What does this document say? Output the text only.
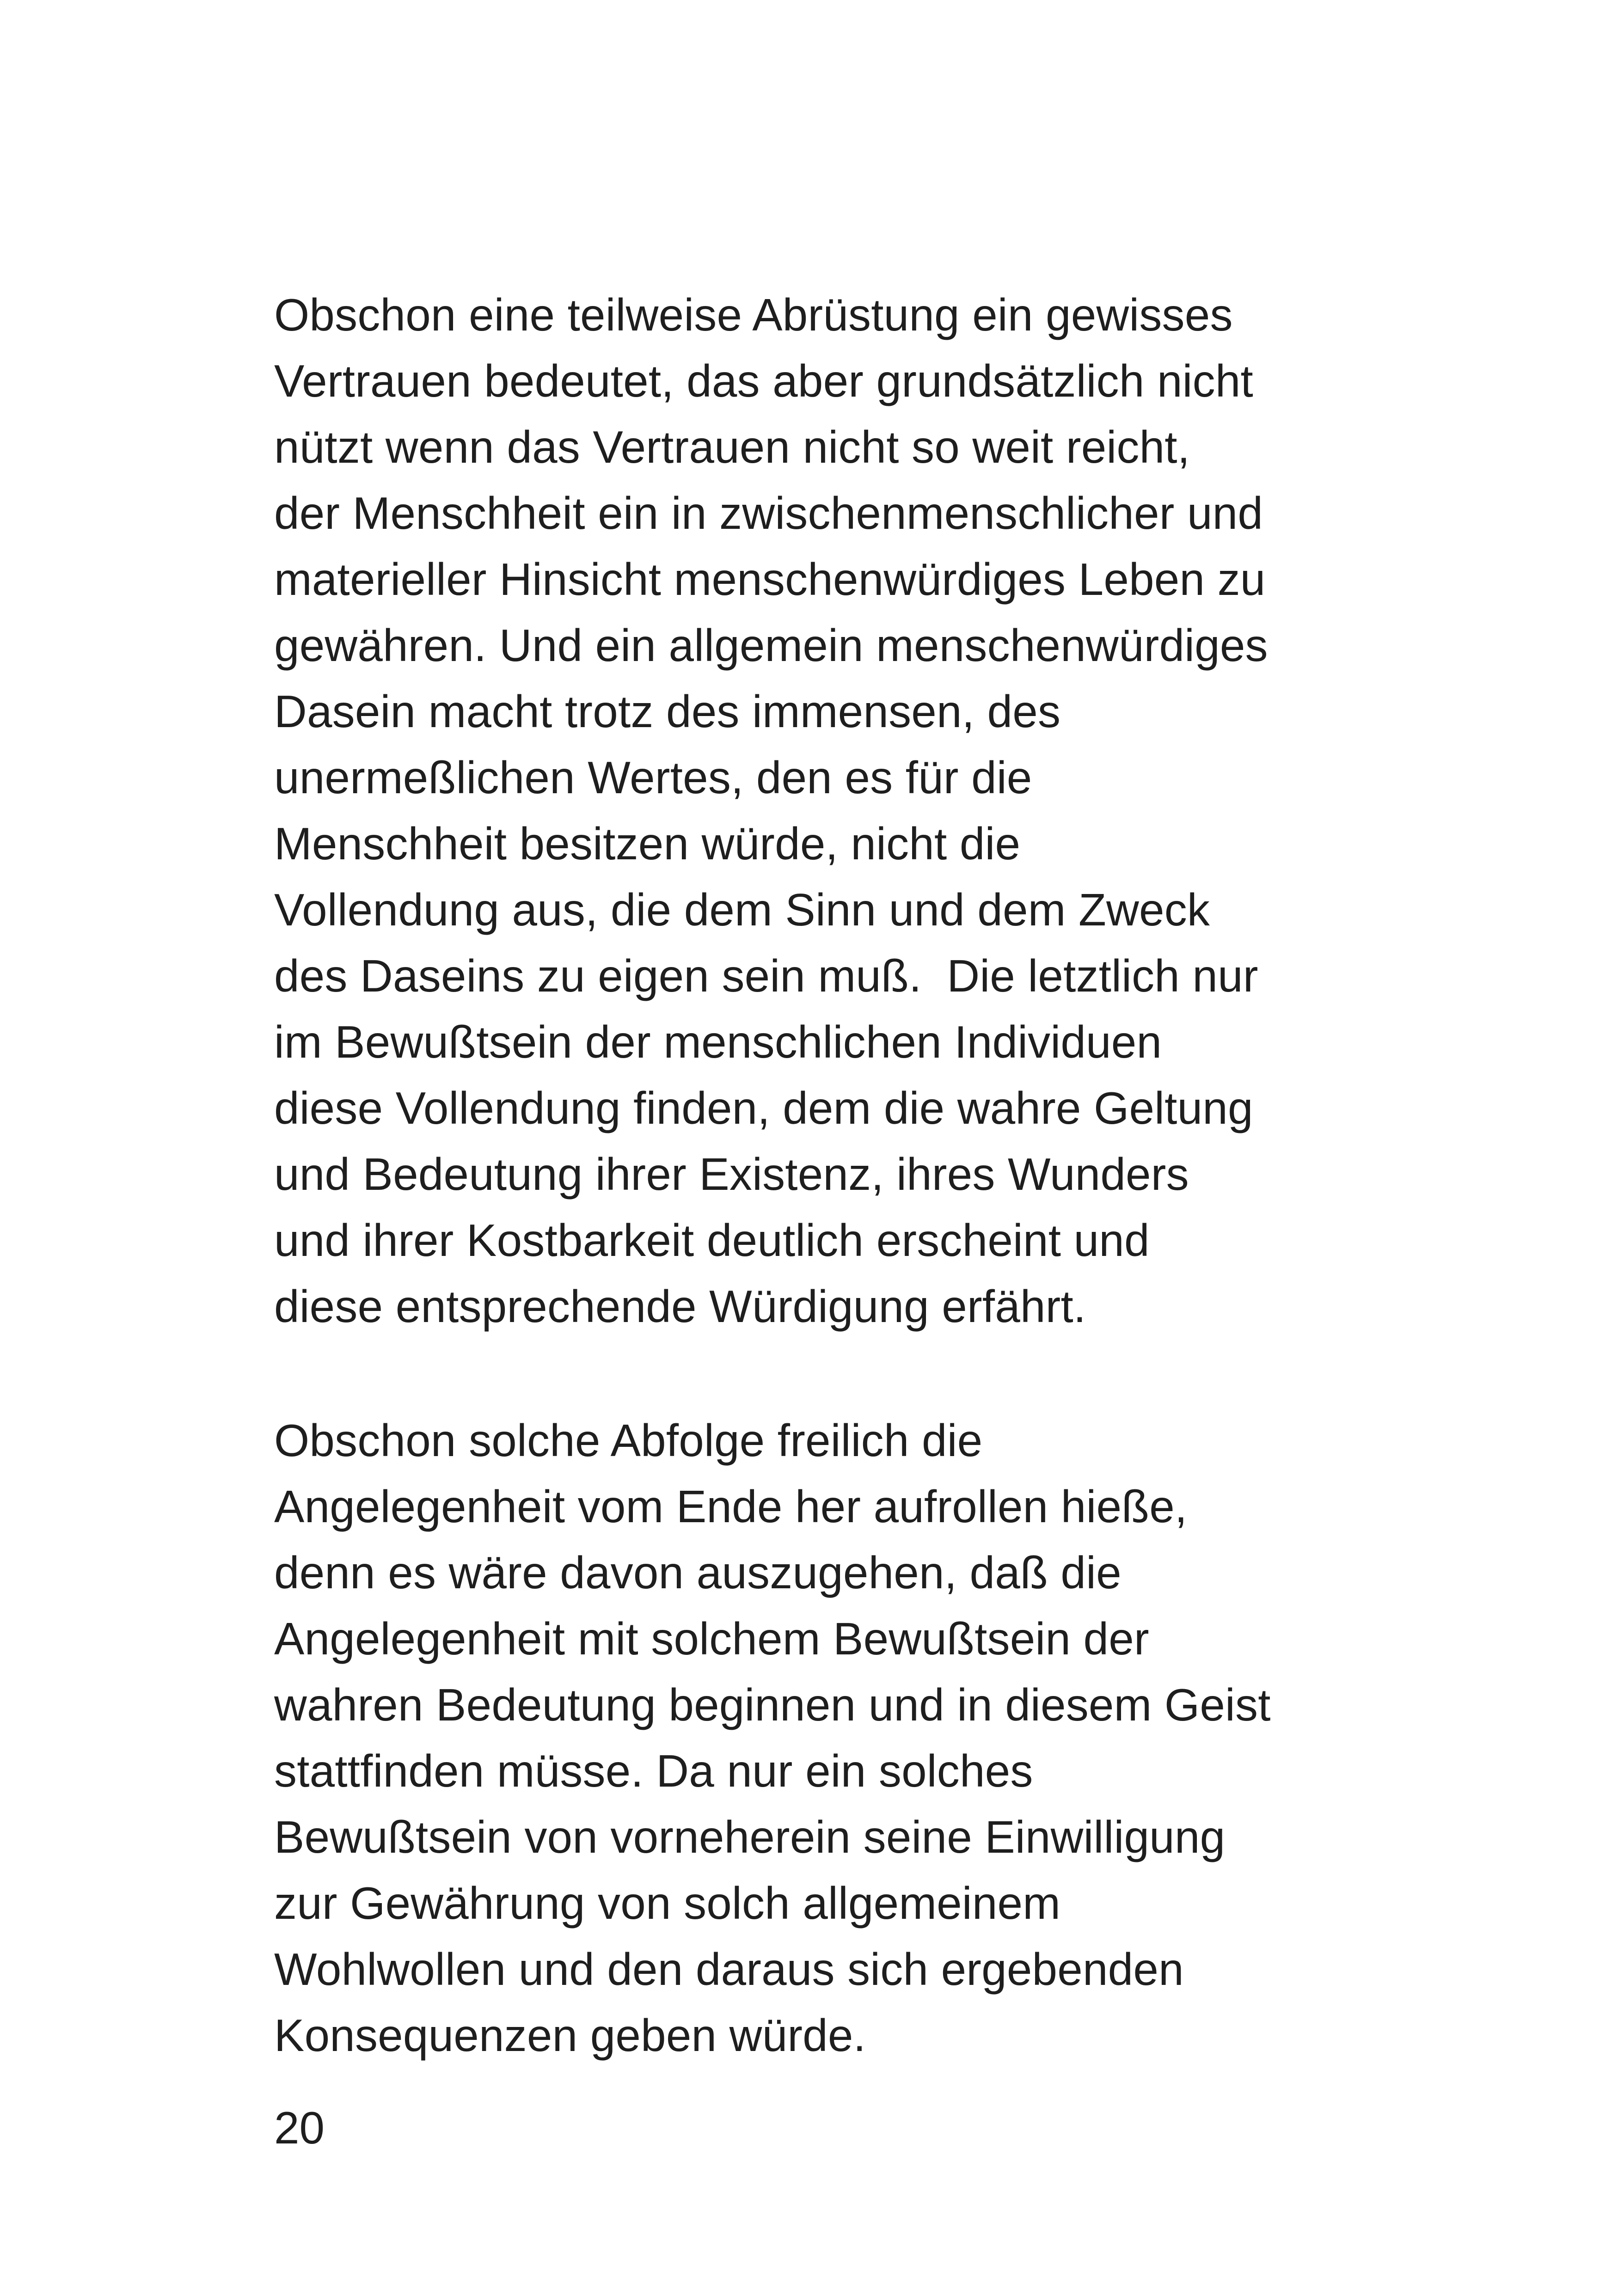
Obschon eine teilweise Abrüstung ein gewisses
Vertrauen bedeutet, das aber grundsätzlich nicht
nützt wenn das Vertrauen nicht so weit reicht,
der Menschheit ein in zwischenmenschlicher und
materieller Hinsicht menschenwürdiges Leben zu
gewähren. Und ein allgemein menschenwürdiges
Dasein macht trotz des immensen, des
unermeßlichen Wertes, den es für die
Menschheit besitzen würde, nicht die
Vollendung aus, die dem Sinn und dem Zweck
des Daseins zu eigen sein muß.  Die letztlich nur
im Bewußtsein der menschlichen Individuen
diese Vollendung finden, dem die wahre Geltung
und Bedeutung ihrer Existenz, ihres Wunders
und ihrer Kostbarkeit deutlich erscheint und
diese entsprechende Würdigung erfährt.
Obschon solche Abfolge freilich die
Angelegenheit vom Ende her aufrollen hieße,
denn es wäre davon auszugehen, daß die
Angelegenheit mit solchem Bewußtsein der
wahren Bedeutung beginnen und in diesem Geist
stattfinden müsse. Da nur ein solches
Bewußtsein von vorneherein seine Einwilligung
zur Gewährung von solch allgemeinem
Wohlwollen und den daraus sich ergebenden
Konsequenzen geben würde.
20
